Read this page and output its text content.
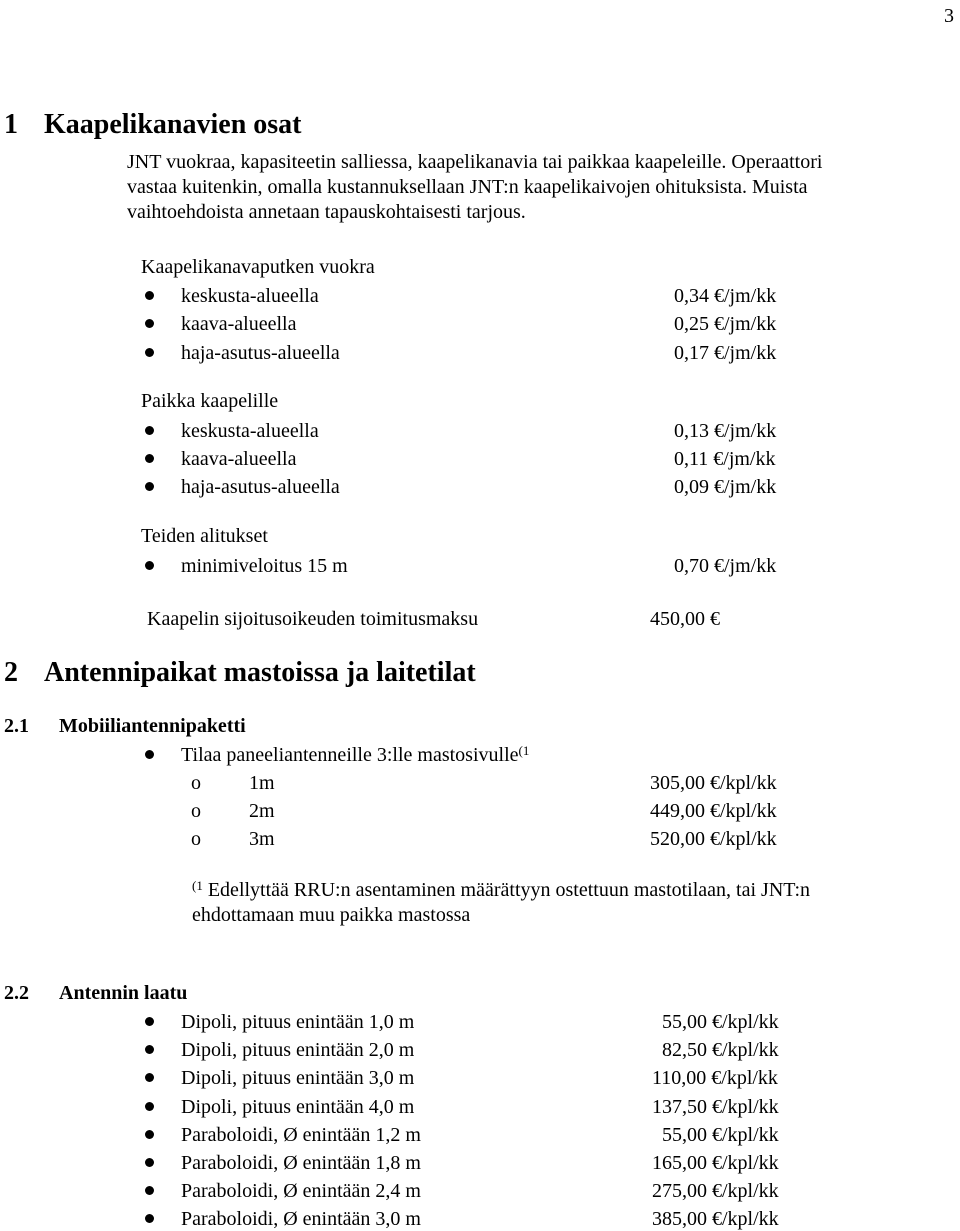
3
1 Kaapelikanavien osat
JNT vuokraa, kapasiteetin salliessa, kaapelikanavia tai paikkaa kaapeleille. Operaattori
vastaa kuitenkin, omalla kustannuksellaan JNT:n kaapelikaivojen ohituksista. Muista
vaihtoehdoista annetaan tapauskohtaisesti tarjous.
Kaapelikanavaputken vuokra
keskusta-alueella	0,34 €/jm/kk
kaava-alueella	0,25 €/jm/kk
haja-asutus-alueella	0,17 €/jm/kk
Paikka kaapelille
keskusta-alueella	0,13 €/jm/kk
kaava-alueella	0,11 €/jm/kk
haja-asutus-alueella	0,09 €/jm/kk
Teiden alitukset
minimiveloitus 15 m	0,70 €/jm/kk
Kaapelin sijoitusoikeuden toimitusmaksu	450,00 €
2 Antennipaikat mastoissa ja laitetilat
2.1 Mobiiliantennipaketti
Tilaa paneeliantenneille 3:lle mastosivulle$^{(1}$
o 1m	305,00 €/kpl/kk
o 2m	449,00 €/kpl/kk
o 3m	520,00 €/kpl/kk
$^{(1}$ Edellyttää RRU:n asentaminen määrättyyn ostettuun mastotilaan, tai JNT:n
ehdottamaan muu paikka mastossa
2.2 Antennin laatu
Dipoli, pituus enintään 1,0 m	55,00 €/kpl/kk
Dipoli, pituus enintään 2,0 m	82,50 €/kpl/kk
Dipoli, pituus enintään 3,0 m	110,00 €/kpl/kk
Dipoli, pituus enintään 4,0 m	137,50 €/kpl/kk
Paraboloidi, Ø enintään 1,2 m	55,00 €/kpl/kk
Paraboloidi, Ø enintään 1,8 m	165,00 €/kpl/kk
Paraboloidi, Ø enintään 2,4 m	275,00 €/kpl/kk
Paraboloidi, Ø enintään 3,0 m	385,00 €/kpl/kk
